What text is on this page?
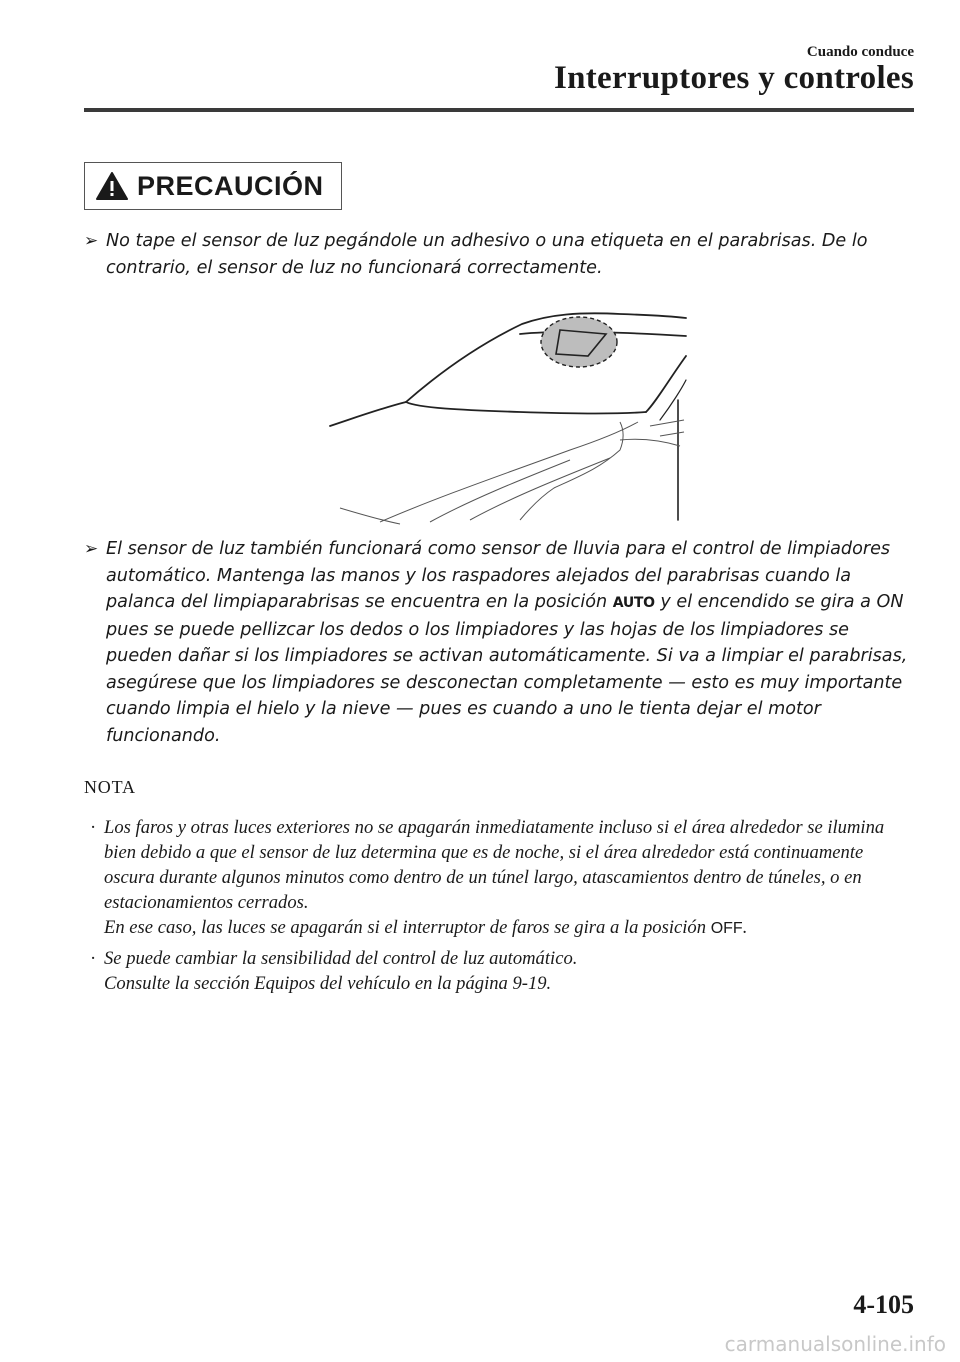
Cuando conduce
Interruptores y controles
PRECAUCIÓN
➢ No tape el sensor de luz pegándole un adhesivo o una etiqueta en el parabrisas. De lo contrario, el sensor de luz no funcionará correctamente.
➢ El sensor de luz también funcionará como sensor de lluvia para el control de limpiadores automático. Mantenga las manos y los raspadores alejados del parabrisas cuando la palanca del limpiaparabrisas se encuentra en la posición AUTO y el encendido se gira a ON pues se puede pellizcar los dedos o los limpiadores y las hojas de los limpiadores se pueden dañar si los limpiadores se activan automáticamente. Si va a limpiar el parabrisas, asegúrese que los limpiadores se desconectan completamente — esto es muy importante cuando limpia el hielo y la nieve — pues es cuando a uno le tienta dejar el motor funcionando.
NOTA
· Los faros y otras luces exteriores no se apagarán inmediatamente incluso si el área alrededor se ilumina bien debido a que el sensor de luz determina que es de noche, si el área alrededor está continuamente oscura durante algunos minutos como dentro de un túnel largo, atascamientos dentro de túneles, o en estacionamientos cerrados.
En ese caso, las luces se apagarán si el interruptor de faros se gira a la posición OFF.
· Se puede cambiar la sensibilidad del control de luz automático.
Consulte la sección Equipos del vehículo en la página 9-19.
4-105
carmanualsonline.info
